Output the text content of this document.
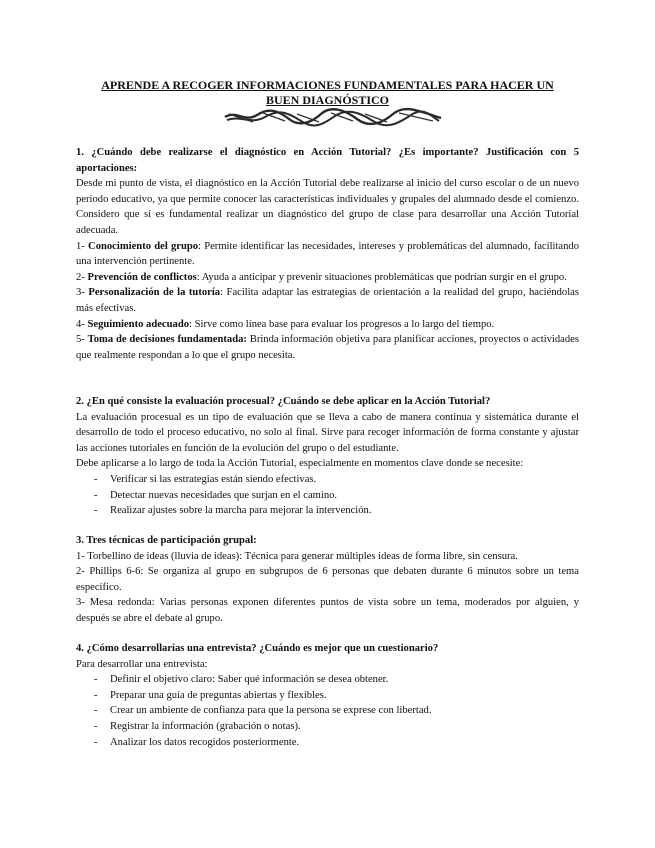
APRENDE A RECOGER INFORMACIONES FUNDAMENTALES PARA HACER UN
BUEN DIAGNÓSTICO

1. ¿Cuándo debe realizarse el diagnóstico en Acción Tutorial? ¿Es importante? Justificación con 5 aportaciones:

Desde mi punto de vista, el diagnóstico en la Acción Tutorial debe realizarse al inicio del curso escolar o de un nuevo periodo educativo, ya que permite conocer las características individuales y grupales del alumnado desde el comienzo. Considero que sí es fundamental realizar un diagnóstico del grupo de clase para desarrollar una Acción Tutorial adecuada.

1- Conocimiento del grupo: Permite identificar las necesidades, intereses y problemáticas del alumnado, facilitando una intervención pertinente.

2- Prevención de conflictos: Ayuda a anticipar y prevenir situaciones problemáticas que podrían surgir en el grupo.

3- Personalización de la tutoría: Facilita adaptar las estrategias de orientación a la realidad del grupo, haciéndolas más efectivas.

4- Seguimiento adecuado: Sirve como línea base para evaluar los progresos a lo largo del tiempo.

5- Toma de decisiones fundamentada: Brinda información objetiva para planificar acciones, proyectos o actividades que realmente respondan a lo que el grupo necesita.

2. ¿En qué consiste la evaluación procesual? ¿Cuándo se debe aplicar en la Acción Tutorial?

La evaluación procesual es un tipo de evaluación que se lleva a cabo de manera continua y sistemática durante el desarrollo de todo el proceso educativo, no solo al final. Sirve para recoger información de forma constante y ajustar las acciones tutoriales en función de la evolución del grupo o del estudiante.

Debe aplicarse a lo largo de toda la Acción Tutorial, especialmente en momentos clave donde se necesite:

- Verificar si las estrategias están siendo efectivas.
- Detectar nuevas necesidades que surjan en el camino.
- Realizar ajustes sobre la marcha para mejorar la intervención.

3. Tres técnicas de participación grupal:

1- Torbellino de ideas (lluvia de ideas): Técnica para generar múltiples ideas de forma libre, sin censura.

2- Phillips 6-6: Se organiza al grupo en subgrupos de 6 personas que debaten durante 6 minutos sobre un tema específico.

3- Mesa redonda: Varias personas exponen diferentes puntos de vista sobre un tema, moderados por alguien, y después se abre el debate al grupo.

4. ¿Cómo desarrollarías una entrevista? ¿Cuándo es mejor que un cuestionario?

Para desarrollar una entrevista:

- Definir el objetivo claro: Saber qué información se desea obtener.
- Preparar una guía de preguntas abiertas y flexibles.
- Crear un ambiente de confianza para que la persona se exprese con libertad.
- Registrar la información (grabación o notas).
- Analizar los datos recogidos posteriormente.
